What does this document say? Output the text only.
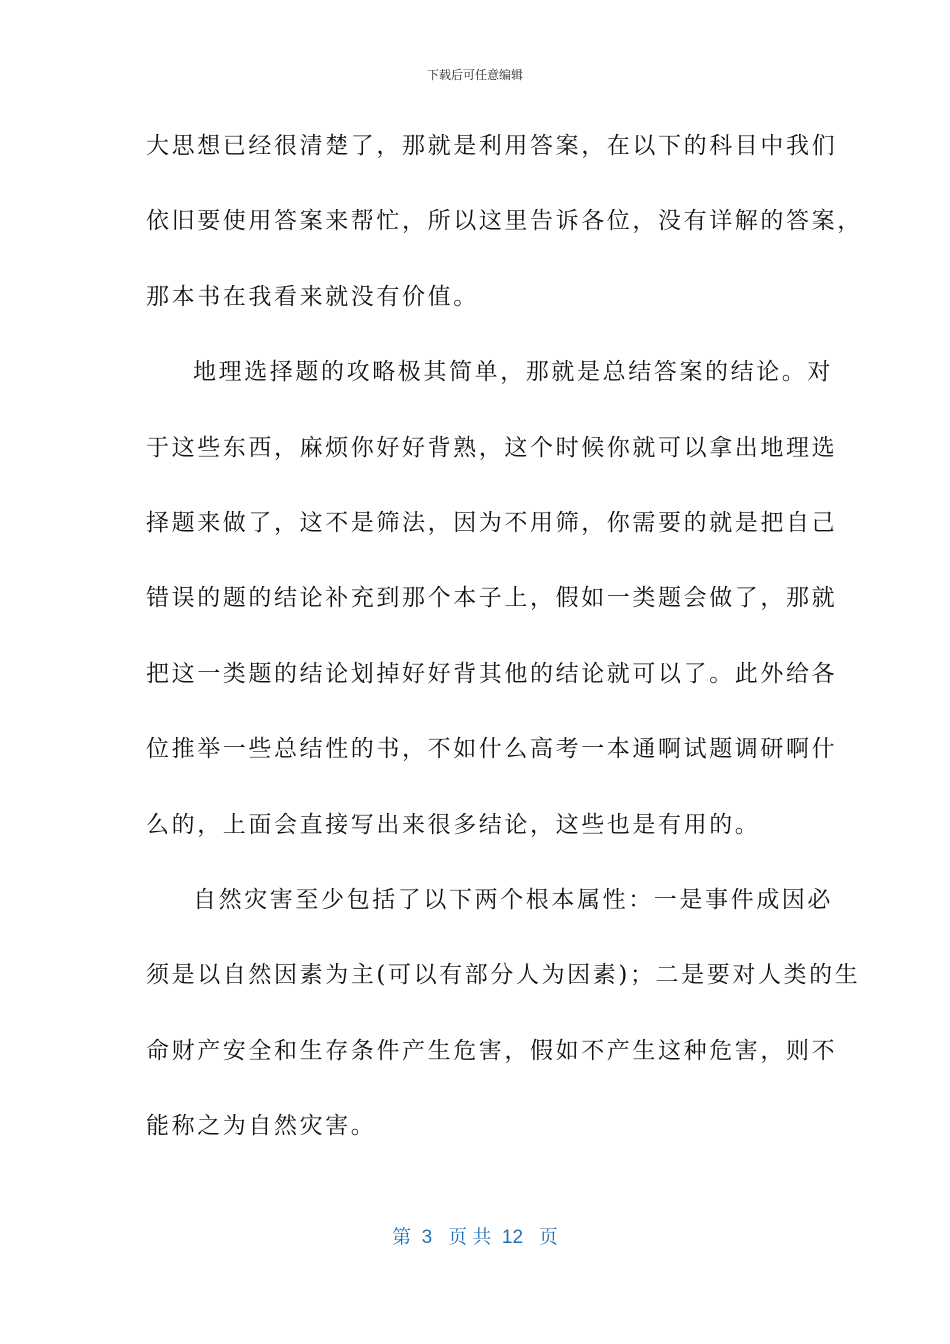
下载后可任意编辑
大思想已经很清楚了，那就是利用答案，在以下的科目中我们
依旧要使用答案来帮忙，所以这里告诉各位，没有详解的答案，
那本书在我看来就没有价值。
地理选择题的攻略极其简单，那就是总结答案的结论。对
于这些东西，麻烦你好好背熟，这个时候你就可以拿出地理选
择题来做了，这不是筛法，因为不用筛，你需要的就是把自己
错误的题的结论补充到那个本子上，假如一类题会做了，那就
把这一类题的结论划掉好好背其他的结论就可以了。此外给各
位推举一些总结性的书，不如什么高考一本通啊试题调研啊什
么的，上面会直接写出来很多结论，这些也是有用的。
自然灾害至少包括了以下两个根本属性：一是事件成因必
须是以自然因素为主(可以有部分人为因素)；二是要对人类的生
命财产安全和生存条件产生危害，假如不产生这种危害，则不
能称之为自然灾害。
第  3   页 共  12   页
